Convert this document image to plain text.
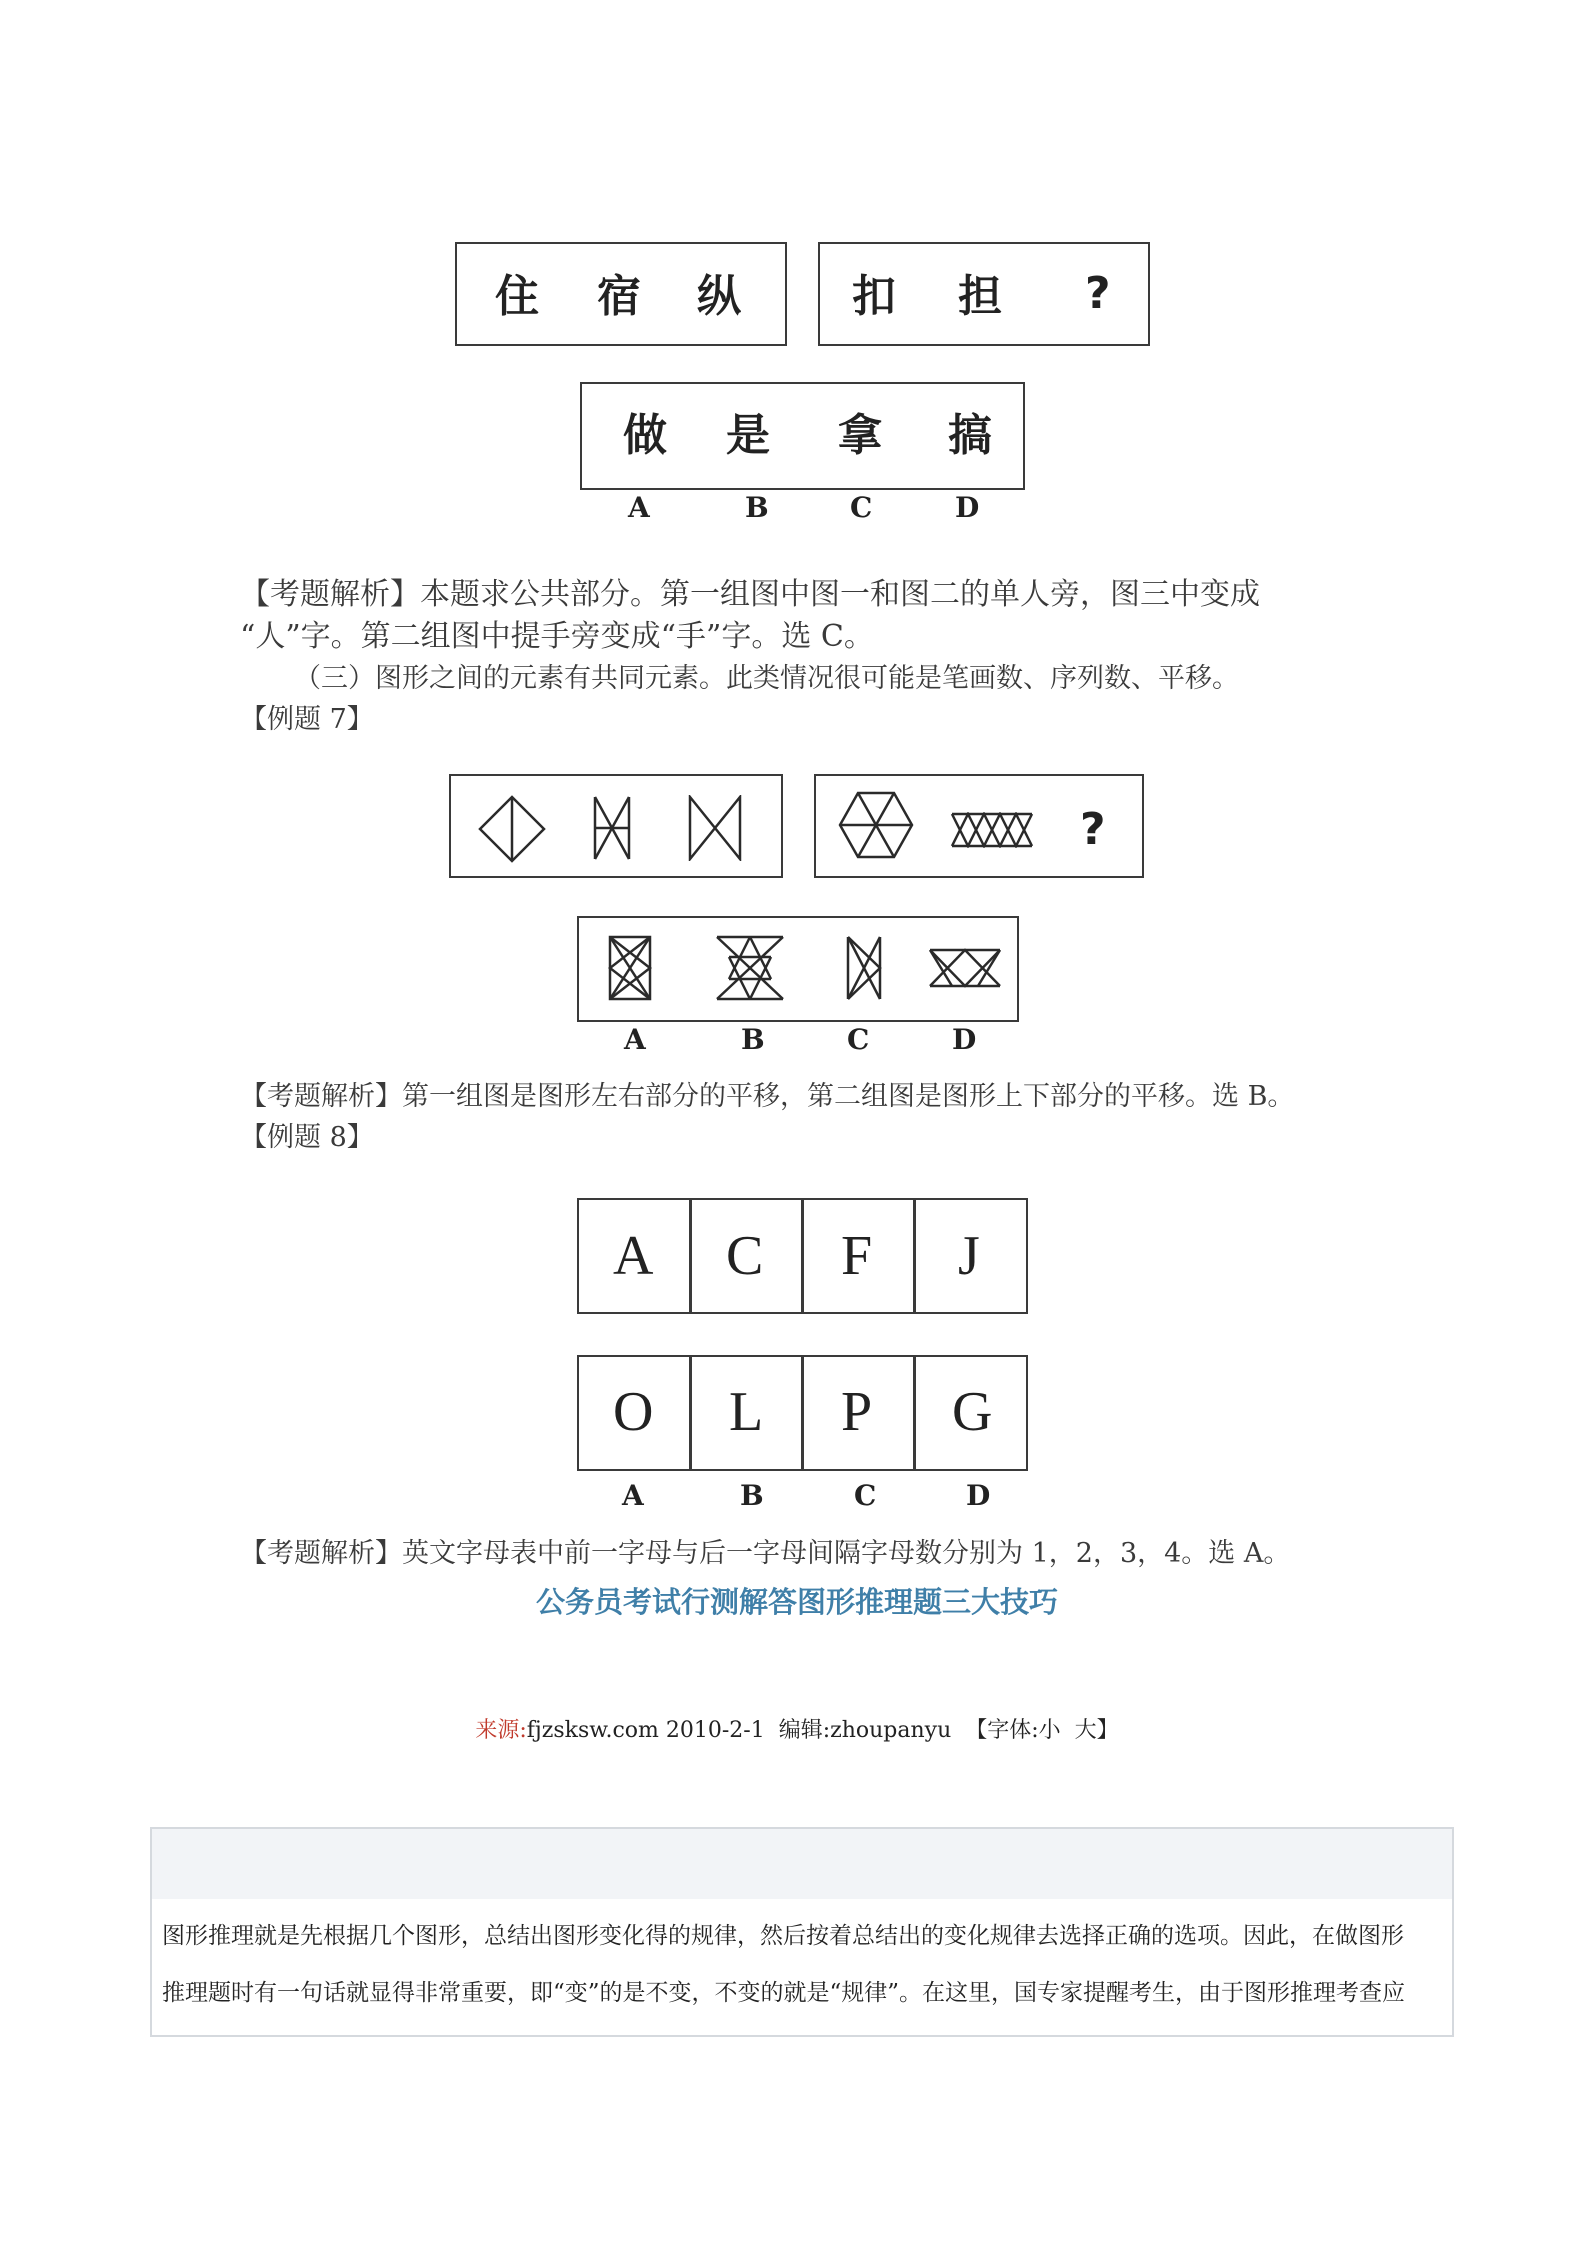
住 宿 纵	扣 担 ?
做 是 拿 搞
A	B	C	D
【考题解析】本题求公共部分。第一组图中图一和图二的单人旁，图三中变成
“人”字。第二组图中提手旁变成“手”字。选 C。
（三）图形之间的元素有共同元素。此类情况很可能是笔画数、序列数、平移。
【例题 7】
?
A	B	C	D
【考题解析】第一组图是图形左右部分的平移，第二组图是图形上下部分的平移。选 B。
【例题 8】
A C F J
O L P G
A	B	C	D
【考题解析】英文字母表中前一字母与后一字母间隔字母数分别为 1，2，3，4。选 A。
公务员考试行测解答图形推理题三大技巧
来源:fjzsksw.com 2010-2-1  编辑:zhoupanyu  【字体:小  大】
图形推理就是先根据几个图形，总结出图形变化得的规律，然后按着总结出的变化规律去选择正确的选项。因此，在做图形
推理题时有一句话就显得非常重要，即“变”的是不变，不变的就是“规律”。在这里，国专家提醒考生，由于图形推理考查应
